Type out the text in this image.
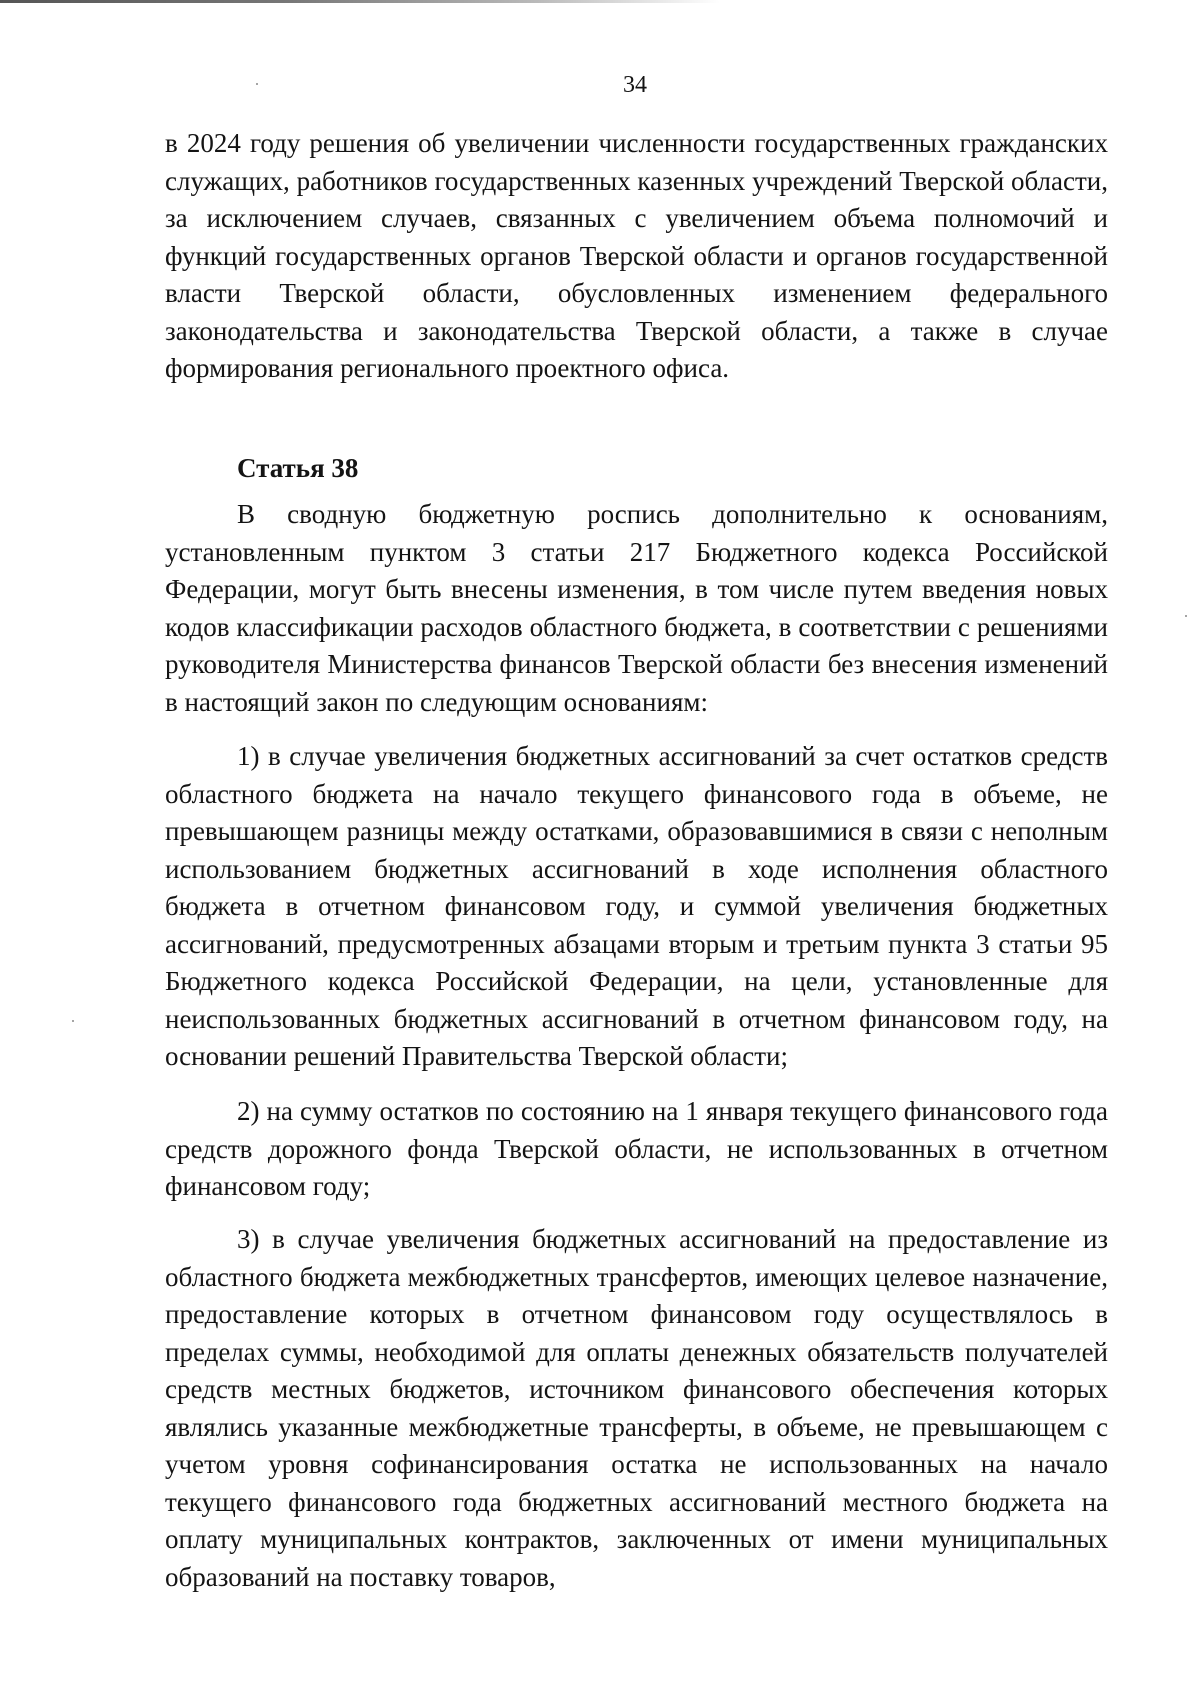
34

в 2024 году решения об увеличении численности государственных гражданских служащих, работников государственных казенных учреждений Тверской области, за исключением случаев, связанных с увеличением объема полномочий и функций государственных органов Тверской области и органов государственной власти Тверской области, обусловленных изменением федерального законодательства и законодательства Тверской области, а также в случае формирования регионального проектного офиса.

Статья 38

В сводную бюджетную роспись дополнительно к основаниям, установленным пунктом 3 статьи 217 Бюджетного кодекса Российской Федерации, могут быть внесены изменения, в том числе путем введения новых кодов классификации расходов областного бюджета, в соответствии с решениями руководителя Министерства финансов Тверской области без внесения изменений в настоящий закон по следующим основаниям:

1) в случае увеличения бюджетных ассигнований за счет остатков средств областного бюджета на начало текущего финансового года в объеме, не превышающем разницы между остатками, образовавшимися в связи с неполным использованием бюджетных ассигнований в ходе исполнения областного бюджета в отчетном финансовом году, и суммой увеличения бюджетных ассигнований, предусмотренных абзацами вторым и третьим пункта 3 статьи 95 Бюджетного кодекса Российской Федерации, на цели, установленные для неиспользованных бюджетных ассигнований в отчетном финансовом году, на основании решений Правительства Тверской области;

2) на сумму остатков по состоянию на 1 января текущего финансового года средств дорожного фонда Тверской области, не использованных в отчетном финансовом году;

3) в случае увеличения бюджетных ассигнований на предоставление из областного бюджета межбюджетных трансфертов, имеющих целевое назначение, предоставление которых в отчетном финансовом году осуществлялось в пределах суммы, необходимой для оплаты денежных обязательств получателей средств местных бюджетов, источником финансового обеспечения которых являлись указанные межбюджетные трансферты, в объеме, не превышающем с учетом уровня софинансирования остатка не использованных на начало текущего финансового года бюджетных ассигнований местного бюджета на оплату муниципальных контрактов, заключенных от имени муниципальных образований на поставку товаров,
